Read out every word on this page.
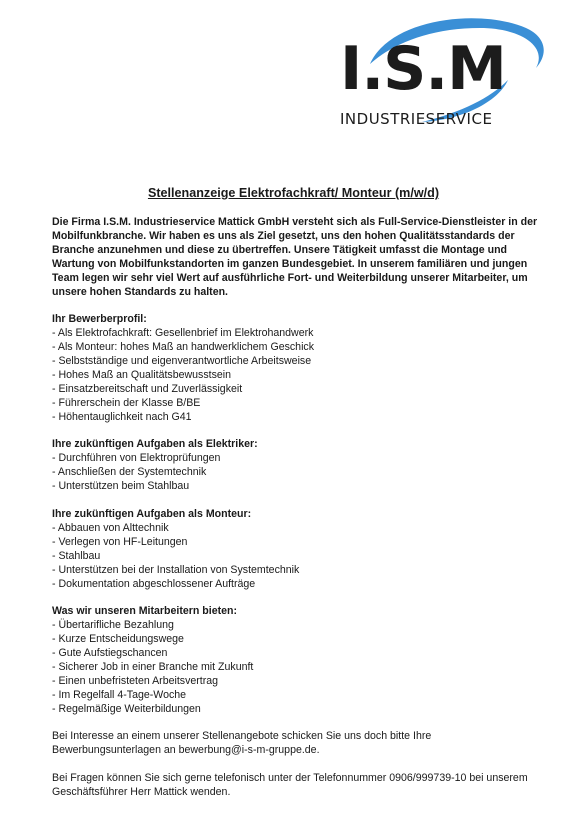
I.S.M
INDUSTRIESERVICE
Stellenanzeige Elektrofachkraft/ Monteur (m/w/d)

Die Firma I.S.M. Industrieservice Mattick GmbH versteht sich als Full-Service-Dienstleister in der Mobilfunkbranche. Wir haben es uns als Ziel gesetzt, uns den hohen Qualitätsstandards der Branche anzunehmen und diese zu übertreffen. Unsere Tätigkeit umfasst die Montage und Wartung von Mobilfunkstandorten im ganzen Bundesgebiet. In unserem familiären und jungen Team legen wir sehr viel Wert auf ausführliche Fort- und Weiterbildung unserer Mitarbeiter, um unsere hohen Standards zu halten.

Ihr Bewerberprofil:
- Als Elektrofachkraft: Gesellenbrief im Elektrohandwerk
- Als Monteur: hohes Maß an handwerklichem Geschick
- Selbstständige und eigenverantwortliche Arbeitsweise
- Hohes Maß an Qualitätsbewusstsein
- Einsatzbereitschaft und Zuverlässigkeit
- Führerschein der Klasse B/BE
- Höhentauglichkeit nach G41
Ihre zukünftigen Aufgaben als Elektriker:
- Durchführen von Elektroprüfungen
- Anschließen der Systemtechnik
- Unterstützen beim Stahlbau
Ihre zukünftigen Aufgaben als Monteur:
- Abbauen von Alttechnik
- Verlegen von HF-Leitungen
- Stahlbau
- Unterstützen bei der Installation von Systemtechnik
- Dokumentation abgeschlossener Aufträge
Was wir unseren Mitarbeitern bieten:
- Übertarifliche Bezahlung
- Kurze Entscheidungswege
- Gute Aufstiegschancen
- Sicherer Job in einer Branche mit Zukunft
- Einen unbefristeten Arbeitsvertrag
- Im Regelfall 4-Tage-Woche
- Regelmäßige Weiterbildungen

Bei Interesse an einem unserer Stellenangebote schicken Sie uns doch bitte Ihre Bewerbungsunterlagen an bewerbung@i-s-m-gruppe.de.

Bei Fragen können Sie sich gerne telefonisch unter der Telefonnummer 0906/999739-10 bei unserem Geschäftsführer Herr Mattick wenden.
